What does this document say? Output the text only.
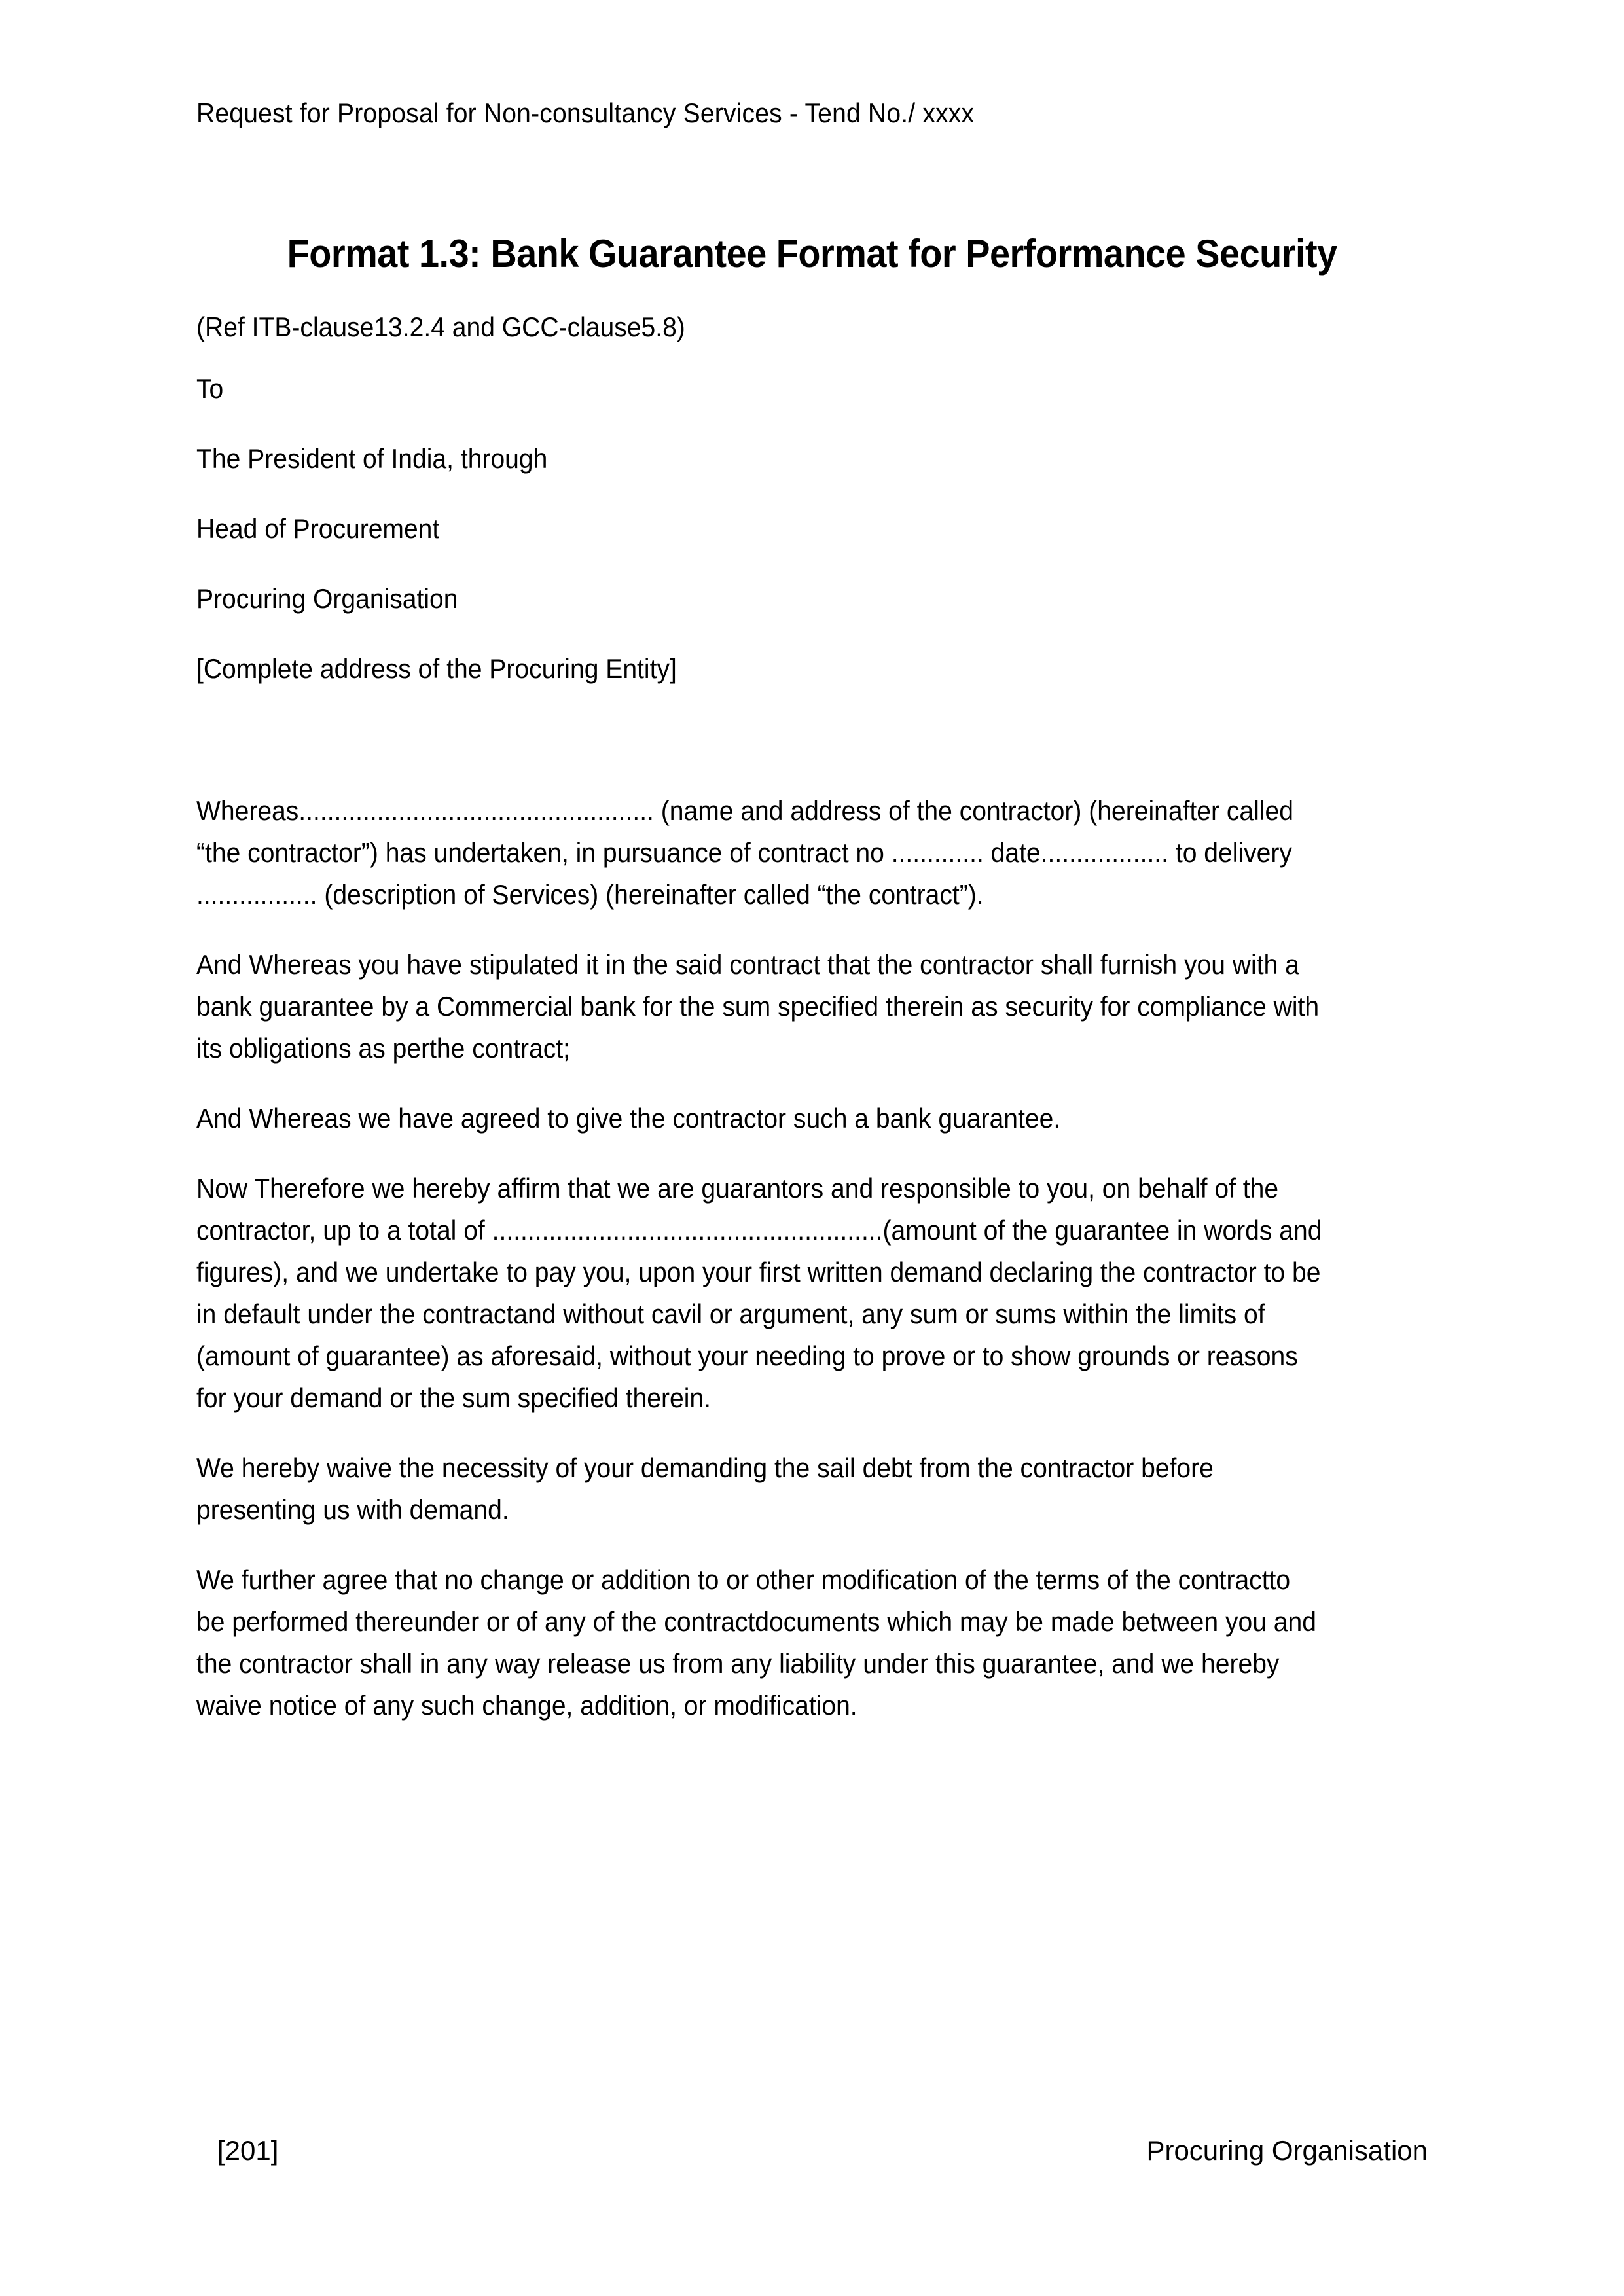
Request for Proposal for Non-consultancy Services - Tend No./ xxxx
Format 1.3: Bank Guarantee Format for Performance Security
(Ref ITB-clause13.2.4 and GCC-clause5.8)
To
The President of India, through
Head of Procurement
Procuring Organisation
[Complete address of the Procuring Entity]
Whereas.................................................. (name and address of the contractor) (hereinafter called
“the contractor”) has undertaken, in pursuance of contract no ............. date.................. to delivery
................. (description of Services) (hereinafter called “the contract”).
And Whereas you have stipulated it in the said contract that the contractor shall furnish you with a
bank guarantee by a Commercial bank for the sum specified therein as security for compliance with
its obligations as perthe contract;
And Whereas we have agreed to give the contractor such a bank guarantee.
Now Therefore we hereby affirm that we are guarantors and responsible to you, on behalf of the
contractor, up to a total of .......................................................(amount of the guarantee in words and
figures), and we undertake to pay you, upon your first written demand declaring the contractor to be
in default under the contractand without cavil or argument, any sum or sums within the limits of
(amount of guarantee) as aforesaid, without your needing to prove or to show grounds or reasons
for your demand or the sum specified therein.
We hereby waive the necessity of your demanding the sail debt from the contractor before
presenting us with demand.
We further agree that no change or addition to or other modification of the terms of the contractto
be performed thereunder or of any of the contractdocuments which may be made between you and
the contractor shall in any way release us from any liability under this guarantee, and we hereby
waive notice of any such change, addition, or modification.
[201]	Procuring Organisation
